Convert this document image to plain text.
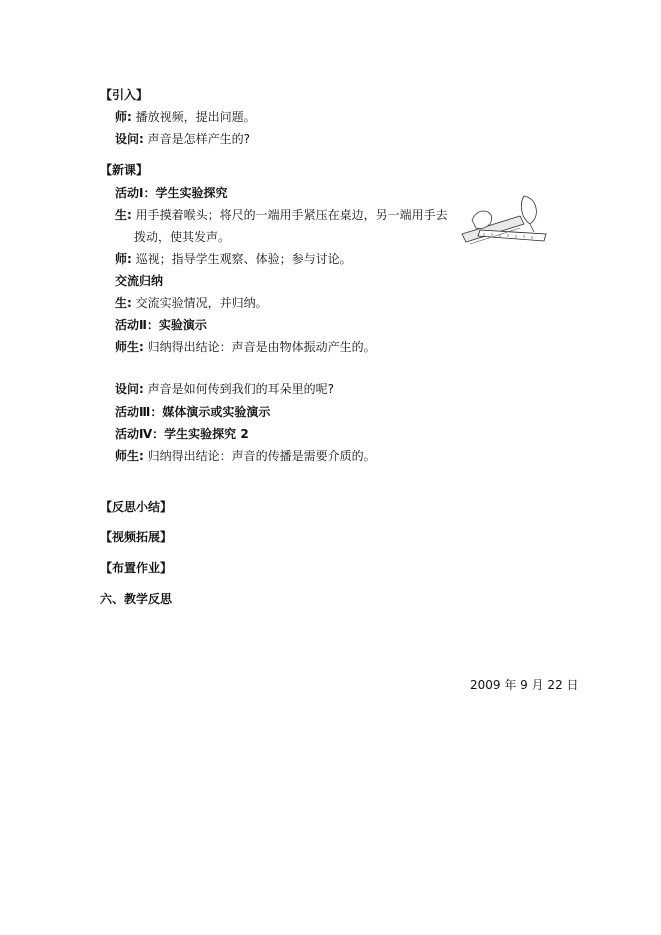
【引入】
师: 播放视频，提出问题。
设问: 声音是怎样产生的?
【新课】
活动Ⅰ：学生实验探究
生: 用手摸着喉头；将尺的一端用手紧压在桌边，另一端用手去
拨动，使其发声。
师: 巡视；指导学生观察、体验；参与讨论。
交流归纳
生: 交流实验情况，并归纳。
活动Ⅱ：实验演示
师生: 归纳得出结论：声音是由物体振动产生的。
设问: 声音是如何传到我们的耳朵里的呢?
活动Ⅲ：媒体演示或实验演示
活动Ⅳ：学生实验探究 2
师生: 归纳得出结论：声音的传播是需要介质的。
【反思小结】
【视频拓展】
【布置作业】
六、教学反思
2009 年 9 月 22 日
